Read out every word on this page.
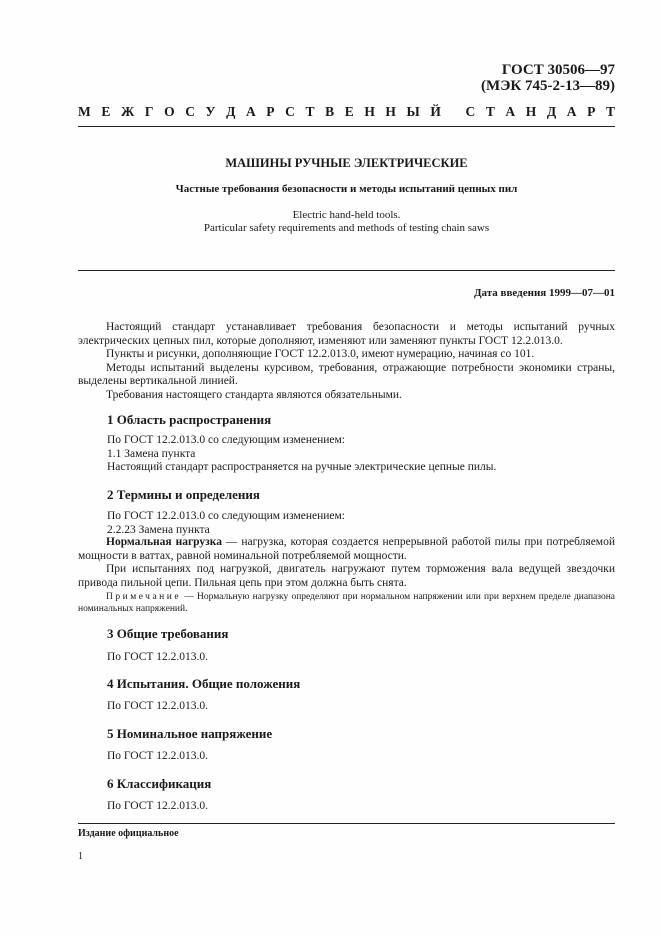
ГОСТ 30506—97
(МЭК 745-2-13—89)
М Е Ж Г О С У Д А Р С Т В Е Н Н Ы Й
С Т А Н Д А Р Т
МАШИНЫ РУЧНЫЕ ЭЛЕКТРИЧЕСКИЕ
Частные требования безопасности и методы испытаний цепных пил
Electric hand-held tools.
Particular safety requirements and methods of testing chain saws
Дата введения 1999—07—01

Настоящий стандарт устанавливает требования безопасности и методы испытаний ручных электрических цепных пил, которые дополняют, изменяют или заменяют пункты ГОСТ 12.2.013.0.

Пункты и рисунки, дополняющие ГОСТ 12.2.013.0, имеют нумерацию, начиная со 101.

Методы испытаний выделены курсивом, требования, отражающие потребности экономики страны, выделены вертикальной линией.

Требования настоящего стандарта являются обязательными.

1 Область распространения
По ГОСТ 12.2.013.0 со следующим изменением:
1.1 Замена пункта
Настоящий стандарт распространяется на ручные электрические цепные пилы.
2 Термины и определения
По ГОСТ 12.2.013.0 со следующим изменением:
2.2.23 Замена пункта

Нормальная нагрузка — нагрузка, которая создается непрерывной работой пилы при потребляемой мощности в ваттах, равной номинальной потребляемой мощности.

При испытаниях под нагрузкой, двигатель нагружают путем торможения вала ведущей звездочки привода пильной цепи. Пильная цепь при этом должна быть снята.

Примечание — Нормальную нагрузку определяют при нормальном напряжении или при верхнем пределе диапазона номинальных напряжений.
3 Общие требования
По ГОСТ 12.2.013.0.
4 Испытания. Общие положения
По ГОСТ 12.2.013.0.
5 Номинальное напряжение
По ГОСТ 12.2.013.0.
6 Классификация
По ГОСТ 12.2.013.0.
Издание официальное
1
